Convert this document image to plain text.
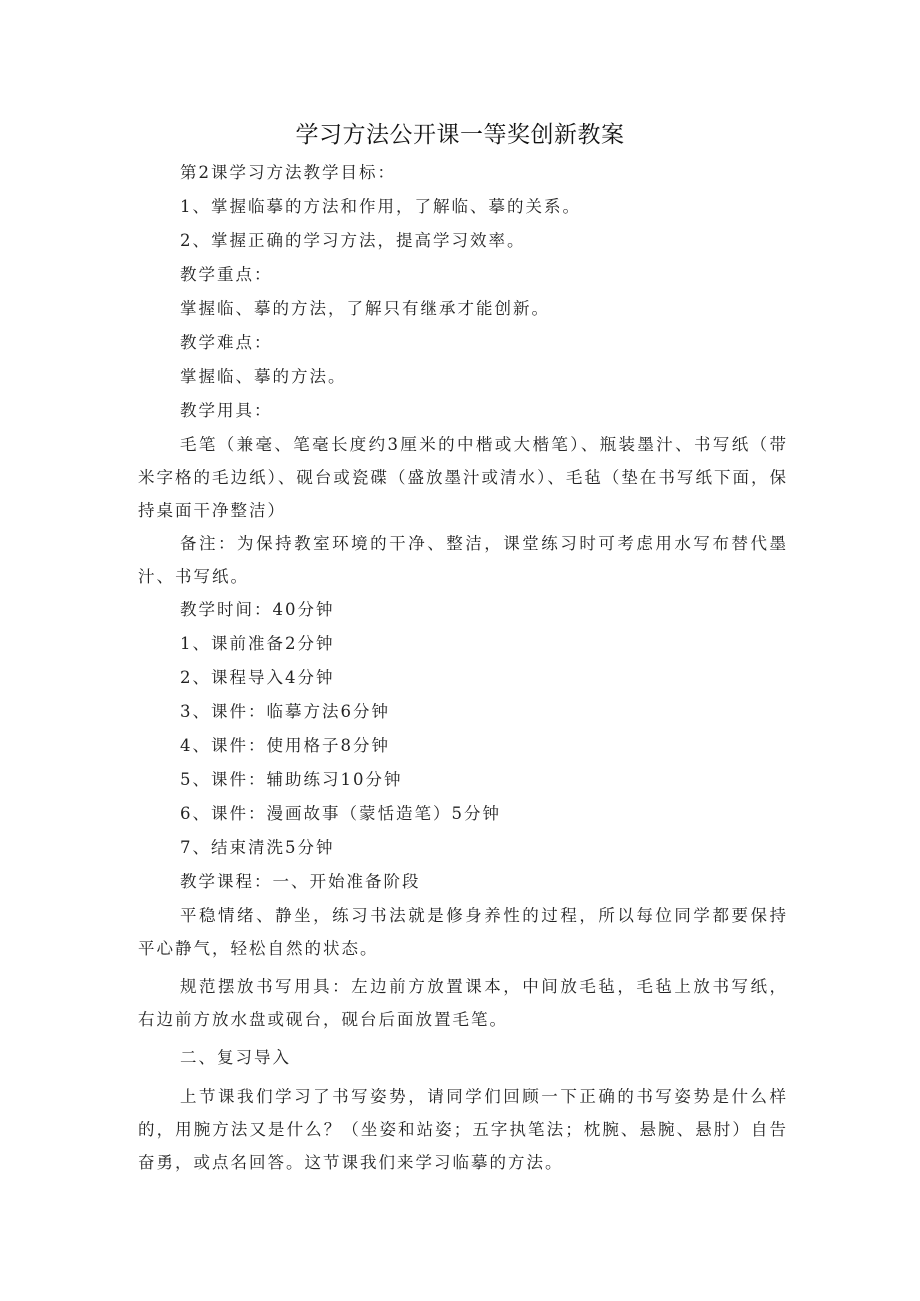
学习方法公开课一等奖创新教案

第2课学习方法教学目标：

1、掌握临摹的方法和作用，了解临、摹的关系。

2、掌握正确的学习方法，提高学习效率。

教学重点：

掌握临、摹的方法，了解只有继承才能创新。

教学难点：

掌握临、摹的方法。

教学用具：

毛笔（兼毫、笔毫长度约3厘米的中楷或大楷笔）、瓶装墨汁、书写纸（带米字格的毛边纸）、砚台或瓷碟（盛放墨汁或清水）、毛毡（垫在书写纸下面，保持桌面干净整洁）

备注：为保持教室环境的干净、整洁，课堂练习时可考虑用水写布替代墨汁、书写纸。

教学时间：40分钟

1、课前准备2分钟

2、课程导入4分钟

3、课件：临摹方法6分钟

4、课件：使用格子8分钟

5、课件：辅助练习10分钟

6、课件：漫画故事（蒙恬造笔）5分钟

7、结束清洗5分钟

教学课程：一、开始准备阶段

平稳情绪、静坐，练习书法就是修身养性的过程，所以每位同学都要保持平心静气，轻松自然的状态。

规范摆放书写用具：左边前方放置课本，中间放毛毡，毛毡上放书写纸，右边前方放水盘或砚台，砚台后面放置毛笔。

二、复习导入

上节课我们学习了书写姿势，请同学们回顾一下正确的书写姿势是什么样的，用腕方法又是什么？（坐姿和站姿；五字执笔法；枕腕、悬腕、悬肘）自告奋勇，或点名回答。这节课我们来学习临摹的方法。
